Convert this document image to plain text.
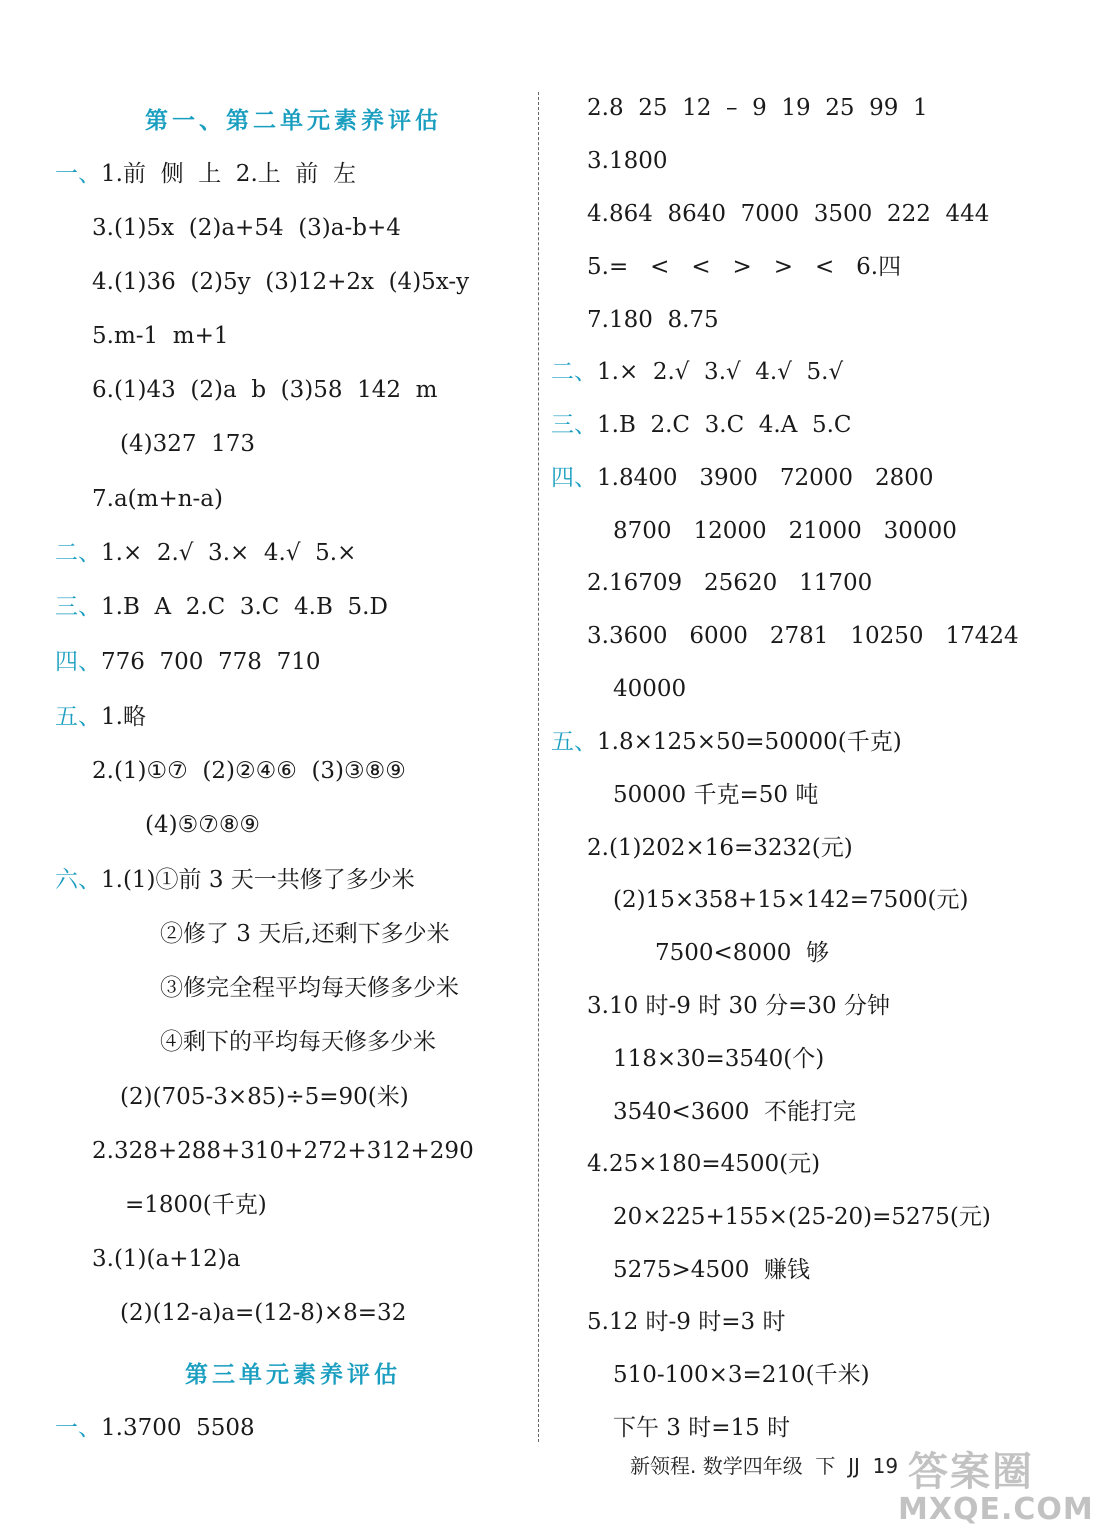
第一、第二单元素养评估
一、1.前  侧  上  2.上  前  左
3.(1)5x  (2)a+54  (3)a-b+4
4.(1)36  (2)5y  (3)12+2x  (4)5x-y
5.m-1  m+1
6.(1)43  (2)a  b  (3)58  142  m
(4)327  173
7.a(m+n-a)
二、1.×  2.√  3.×  4.√  5.×
三、1.B  A  2.C  3.C  4.B  5.D
四、776  700  778  710
五、1.略
2.(1)①⑦  (2)②④⑥  (3)③⑧⑨
(4)⑤⑦⑧⑨
六、1.(1)①前 3 天一共修了多少米
②修了 3 天后,还剩下多少米
③修完全程平均每天修多少米
④剩下的平均每天修多少米
(2)(705-3×85)÷5=90(米)
2.328+288+310+272+312+290
=1800(千克)
3.(1)(a+12)a
(2)(12-a)a=(12-8)×8=32
第三单元素养评估
一、1.3700  5508
2.8  25  12  –  9  19  25  99  1
3.1800
4.864  8640  7000  3500  222  444
5.=   <   <   >   >   <   6.四
7.180  8.75
二、1.×  2.√  3.√  4.√  5.√
三、1.B  2.C  3.C  4.A  5.C
四、1.8400   3900   72000   2800
8700   12000   21000   30000
2.16709   25620   11700
3.3600   6000   2781   10250   17424
40000
五、1.8×125×50=50000(千克)
50000 千克=50 吨
2.(1)202×16=3232(元)
(2)15×358+15×142=7500(元)
7500<8000  够
3.10 时-9 时 30 分=30 分钟
118×30=3540(个)
3540<3600  不能打完
4.25×180=4500(元)
20×225+155×(25-20)=5275(元)
5275>4500  赚钱
5.12 时-9 时=3 时
510-100×3=210(千米)
下午 3 时=15 时
新领程. 数学四年级  下  JJ  19 答案圈
MXQE.COM
